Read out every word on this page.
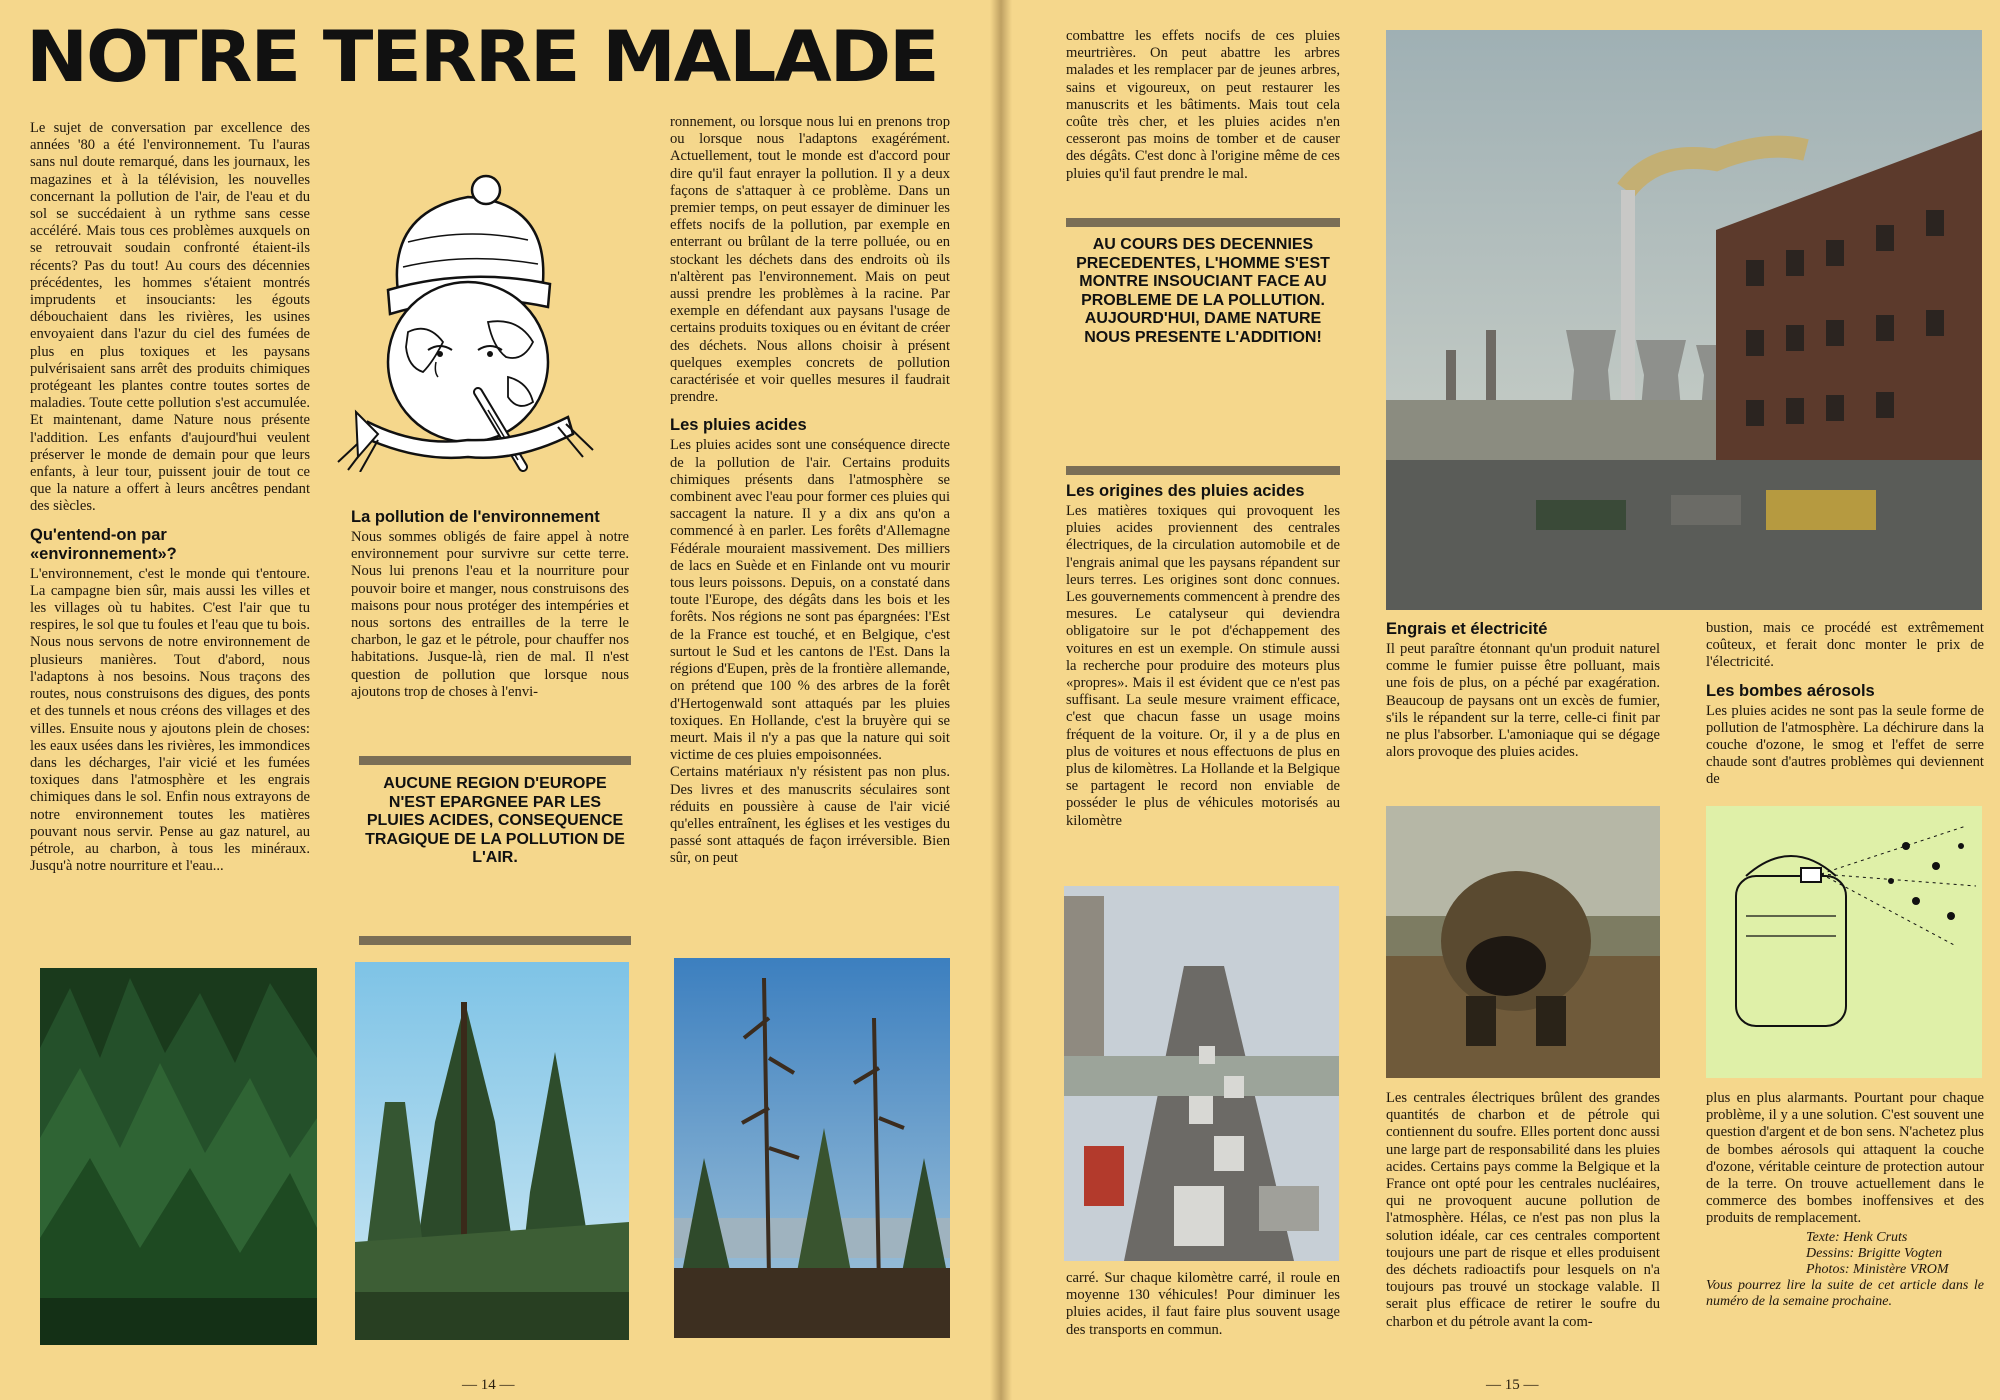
NOTRE TERRE MALADE

Le sujet de conversation par excellence des années '80 a été l'environnement. Tu l'auras sans nul doute remarqué, dans les journaux, les magazines et à la télévision, les nouvelles concernant la pollution de l'air, de l'eau et du sol se succédaient à un rythme sans cesse accéléré. Mais tous ces problèmes auxquels on se retrouvait soudain confronté étaient-ils récents? Pas du tout! Au cours des décennies précédentes, les hommes s'étaient montrés imprudents et insouciants: les égouts débouchaient dans les rivières, les usines envoyaient dans l'azur du ciel des fumées de plus en plus toxiques et les paysans pulvérisaient sans arrêt des produits chimiques protégeant les plantes contre toutes sortes de maladies. Toute cette pollution s'est accumulée. Et maintenant, dame Nature nous présente l'addition. Les enfants d'aujourd'hui veulent préserver le monde de demain pour que leurs enfants, à leur tour, puissent jouir de tout ce que la nature a offert à leurs ancêtres pendant des siècles.

Qu'entend-on par «environnement»?

L'environnement, c'est le monde qui t'entoure. La campagne bien sûr, mais aussi les villes et les villages où tu habites. C'est l'air que tu respires, le sol que tu foules et l'eau que tu bois. Nous nous servons de notre environnement de plusieurs manières. Tout d'abord, nous l'adaptons à nos besoins. Nous traçons des routes, nous construisons des digues, des ponts et des tunnels et nous créons des villages et des villes. Ensuite nous y ajoutons plein de choses: les eaux usées dans les rivières, les immondices dans les décharges, l'air vicié et les fumées toxiques dans l'atmosphère et les engrais chimiques dans le sol. Enfin nous extrayons de notre environnement toutes les matières pouvant nous servir. Pense au gaz naturel, au pétrole, au charbon, à tous les minéraux. Jusqu'à notre nourriture et l'eau...

La pollution de l'environnement

Nous sommes obligés de faire appel à notre environnement pour survivre sur cette terre. Nous lui prenons l'eau et la nourriture pour pouvoir boire et manger, nous construisons des maisons pour nous protéger des intempéries et nous sortons des entrailles de la terre le charbon, le gaz et le pétrole, pour chauffer nos habitations. Jusque-là, rien de mal. Il n'est question de pollution que lorsque nous ajoutons trop de choses à l'envi-

AUCUNE REGION D'EUROPE N'EST EPARGNEE PAR LES PLUIES ACIDES, CONSEQUENCE TRAGIQUE DE LA POLLUTION DE L'AIR.

ronnement, ou lorsque nous lui en prenons trop ou lorsque nous l'adaptons exagérément. Actuellement, tout le monde est d'accord pour dire qu'il faut enrayer la pollution. Il y a deux façons de s'attaquer à ce problème. Dans un premier temps, on peut essayer de diminuer les effets nocifs de la pollution, par exemple en enterrant ou brûlant de la terre polluée, ou en stockant les déchets dans des endroits où ils n'altèrent pas l'environnement. Mais on peut aussi prendre les problèmes à la racine. Par exemple en défendant aux paysans l'usage de certains produits toxiques ou en évitant de créer des déchets. Nous allons choisir à présent quelques exemples concrets de pollution caractérisée et voir quelles mesures il faudrait prendre.

Les pluies acides

Les pluies acides sont une conséquence directe de la pollution de l'air. Certains produits chimiques présents dans l'atmosphère se combinent avec l'eau pour former ces pluies qui saccagent la nature. Il y a dix ans qu'on a commencé à en parler. Les forêts d'Allemagne Fédérale mouraient massivement. Des milliers de lacs en Suède et en Finlande ont vu mourir tous leurs poissons. Depuis, on a constaté dans toute l'Europe, des dégâts dans les bois et les forêts. Nos régions ne sont pas épargnées: l'Est de la France est touché, et en Belgique, c'est surtout le Sud et les cantons de l'Est. Dans la régions d'Eupen, près de la frontière allemande, on prétend que 100 % des arbres de la forêt d'Hertogenwald sont attaqués par les pluies toxiques. En Hollande, c'est la bruyère qui se meurt. Mais il n'y a pas que la nature qui soit victime de ces pluies empoisonnées.

Certains matériaux n'y résistent pas non plus. Des livres et des manuscrits séculaires sont réduits en poussière à cause de l'air vicié qu'elles entraînent, les églises et les vestiges du passé sont attaqués de façon irréversible. Bien sûr, on peut

— 14 —

combattre les effets nocifs de ces pluies meurtrières. On peut abattre les arbres malades et les remplacer par de jeunes arbres, sains et vigoureux, on peut restaurer les manuscrits et les bâtiments. Mais tout cela coûte très cher, et les pluies acides n'en cesseront pas moins de tomber et de causer des dégâts. C'est donc à l'origine même de ces pluies qu'il faut prendre le mal.

AU COURS DES DECENNIES PRECEDENTES, L'HOMME S'EST MONTRE INSOUCIANT FACE AU PROBLEME DE LA POLLUTION. AUJOURD'HUI, DAME NATURE NOUS PRESENTE L'ADDITION!
Les origines des pluies acides

Les matières toxiques qui provoquent les pluies acides proviennent des centrales électriques, de la circulation automobile et de l'engrais animal que les paysans répandent sur leurs terres. Les origines sont donc connues. Les gouvernements commencent à prendre des mesures. Le catalyseur qui deviendra obligatoire sur le pot d'échappement des voitures en est un exemple. On stimule aussi la recherche pour produire des moteurs plus «propres». Mais il est évident que ce n'est pas suffisant. La seule mesure vraiment efficace, c'est que chacun fasse un usage moins fréquent de la voiture. Or, il y a de plus en plus de voitures et nous effectuons de plus en plus de kilomètres. La Hollande et la Belgique se partagent le record non enviable de posséder le plus de véhicules motorisés au kilomètre

carré. Sur chaque kilomètre carré, il roule en moyenne 130 véhicules! Pour diminuer les pluies acides, il faut faire plus souvent usage des transports en commun.

Engrais et électricité

Il peut paraître étonnant qu'un produit naturel comme le fumier puisse être polluant, mais une fois de plus, on a péché par exagération. Beaucoup de paysans ont un excès de fumier, s'ils le répandent sur la terre, celle-ci finit par ne plus l'absorber. L'amoniaque qui se dégage alors provoque des pluies acides.

Les centrales électriques brûlent des grandes quantités de charbon et de pétrole qui contiennent du soufre. Elles portent donc aussi une large part de responsabilité dans les pluies acides. Certains pays comme la Belgique et la France ont opté pour les centrales nucléaires, qui ne provoquent aucune pollution de l'atmosphère. Hélas, ce n'est pas non plus la solution idéale, car ces centrales comportent toujours une part de risque et elles produisent des déchets radioactifs pour lesquels on n'a toujours pas trouvé un stockage valable. Il serait plus efficace de retirer le soufre du charbon et du pétrole avant la com-

bustion, mais ce procédé est extrêmement coûteux, et ferait donc monter le prix de l'électricité.

Les bombes aérosols

Les pluies acides ne sont pas la seule forme de pollution de l'atmosphère. La déchirure dans la couche d'ozone, le smog et l'effet de serre chaude sont d'autres problèmes qui deviennent de

plus en plus alarmants. Pourtant pour chaque problème, il y a une solution. C'est souvent une question d'argent et de bon sens. N'achetez plus de bombes aérosols qui attaquent la couche d'ozone, véritable ceinture de protection autour de la terre. On trouve actuellement dans le commerce des bombes inoffensives et des produits de remplacement.

Texte: Henk Cruts
Dessins: Brigitte Vogten
Photos: Ministère VROM

Vous pourrez lire la suite de cet article dans le numéro de la semaine prochaine.

— 15 —
